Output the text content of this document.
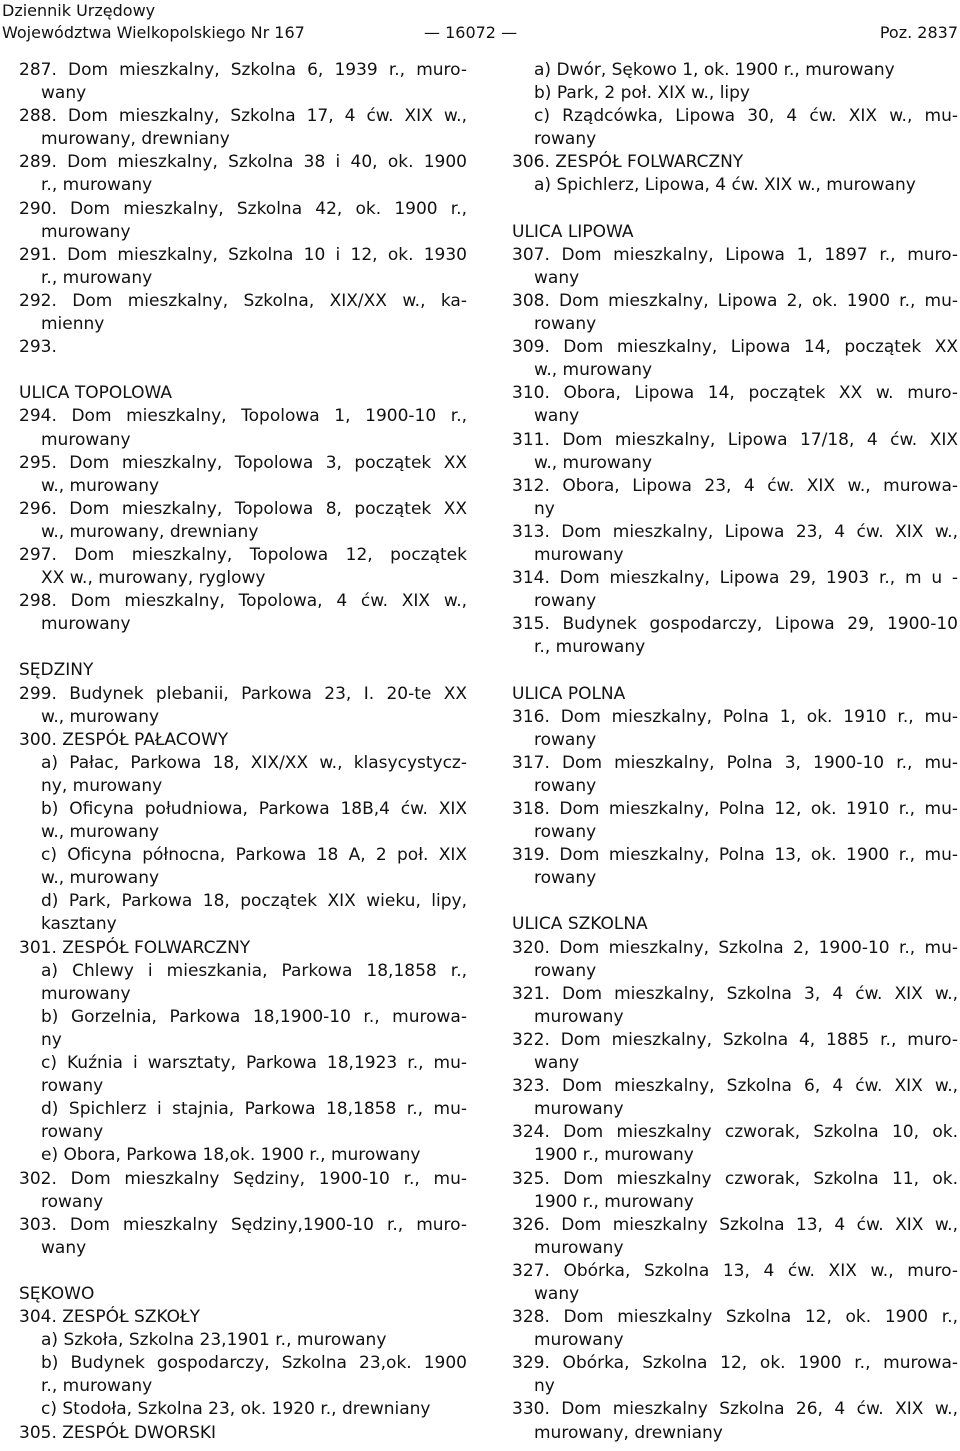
Dziennik Urzędowy
Województwa Wielkopolskiego Nr 167	— 16072 —	Poz. 2837
287. Dom mieszkalny, Szkolna 6, 1939 r., muro-
wany
288. Dom mieszkalny, Szkolna 17, 4 ćw. XIX w.,
murowany, drewniany
289. Dom mieszkalny, Szkolna 38 i 40, ok. 1900
r., murowany
290. Dom mieszkalny, Szkolna 42, ok. 1900 r.,
murowany
291. Dom mieszkalny, Szkolna 10 i 12, ok. 1930
r., murowany
292. Dom mieszkalny, Szkolna, XIX/XX w., ka-
mienny
293.
ULICA TOPOLOWA
294. Dom mieszkalny, Topolowa 1, 1900-10 r.,
murowany
295. Dom mieszkalny, Topolowa 3, początek XX
w., murowany
296. Dom mieszkalny, Topolowa 8, początek XX
w., murowany, drewniany
297. Dom mieszkalny, Topolowa 12, początek
XX w., murowany, ryglowy
298. Dom mieszkalny, Topolowa, 4 ćw. XIX w.,
murowany
SĘDZINY
299. Budynek plebanii, Parkowa 23, I. 20-te XX
w., murowany
300. ZESPÓŁ PAŁACOWY
a) Pałac, Parkowa 18, XIX/XX w., klasycystycz-
ny, murowany
b) Oficyna południowa, Parkowa 18B,4 ćw. XIX
w., murowany
c) Oficyna północna, Parkowa 18 A, 2 poł. XIX
w., murowany
d) Park, Parkowa 18, początek XIX wieku, lipy,
kasztany
301. ZESPÓŁ FOLWARCZNY
a) Chlewy i mieszkania, Parkowa 18,1858 r.,
murowany
b) Gorzelnia, Parkowa 18,1900-10 r., murowa-
ny
c) Kuźnia i warsztaty, Parkowa 18,1923 r., mu-
rowany
d) Spichlerz i stajnia, Parkowa 18,1858 r., mu-
rowany
e) Obora, Parkowa 18,ok. 1900 r., murowany
302. Dom mieszkalny Sędziny, 1900-10 r., mu-
rowany
303. Dom mieszkalny Sędziny,1900-10 r., muro-
wany
SĘKOWO
304. ZESPÓŁ SZKOŁY
a) Szkoła, Szkolna 23,1901 r., murowany
b) Budynek gospodarczy, Szkolna 23,ok. 1900
r., murowany
c) Stodoła, Szkolna 23, ok. 1920 r., drewniany
305. ZESPÓŁ DWORSKI
a) Dwór, Sękowo 1, ok. 1900 r., murowany
b) Park, 2 poł. XIX w., lipy
c) Rządcówka, Lipowa 30, 4 ćw. XIX w., mu-
rowany
306. ZESPÓŁ FOLWARCZNY
a) Spichlerz, Lipowa, 4 ćw. XIX w., murowany
ULICA LIPOWA
307. Dom mieszkalny, Lipowa 1, 1897 r., muro-
wany
308. Dom mieszkalny, Lipowa 2, ok. 1900 r., mu-
rowany
309. Dom mieszkalny, Lipowa 14, początek XX
w., murowany
310. Obora, Lipowa 14, początek XX w. muro-
wany
311. Dom mieszkalny, Lipowa 17/18, 4 ćw. XIX
w., murowany
312. Obora, Lipowa 23, 4 ćw. XIX w., murowa-
ny
313. Dom mieszkalny, Lipowa 23, 4 ćw. XIX w.,
murowany
314. Dom mieszkalny, Lipowa 29, 1903 r., m u -
rowany
315. Budynek gospodarczy, Lipowa 29, 1900-10
r., murowany
ULICA POLNA
316. Dom mieszkalny, Polna 1, ok. 1910 r., mu-
rowany
317. Dom mieszkalny, Polna 3, 1900-10 r., mu-
rowany
318. Dom mieszkalny, Polna 12, ok. 1910 r., mu-
rowany
319. Dom mieszkalny, Polna 13, ok. 1900 r., mu-
rowany
ULICA SZKOLNA
320. Dom mieszkalny, Szkolna 2, 1900-10 r., mu-
rowany
321. Dom mieszkalny, Szkolna 3, 4 ćw. XIX w.,
murowany
322. Dom mieszkalny, Szkolna 4, 1885 r., muro-
wany
323. Dom mieszkalny, Szkolna 6, 4 ćw. XIX w.,
murowany
324. Dom mieszkalny czworak, Szkolna 10, ok.
1900 r., murowany
325. Dom mieszkalny czworak, Szkolna 11, ok.
1900 r., murowany
326. Dom mieszkalny Szkolna 13, 4 ćw. XIX w.,
murowany
327. Obórka, Szkolna 13, 4 ćw. XIX w., muro-
wany
328. Dom mieszkalny Szkolna 12, ok. 1900 r.,
murowany
329. Obórka, Szkolna 12, ok. 1900 r., murowa-
ny
330. Dom mieszkalny Szkolna 26, 4 ćw. XIX w.,
murowany, drewniany
